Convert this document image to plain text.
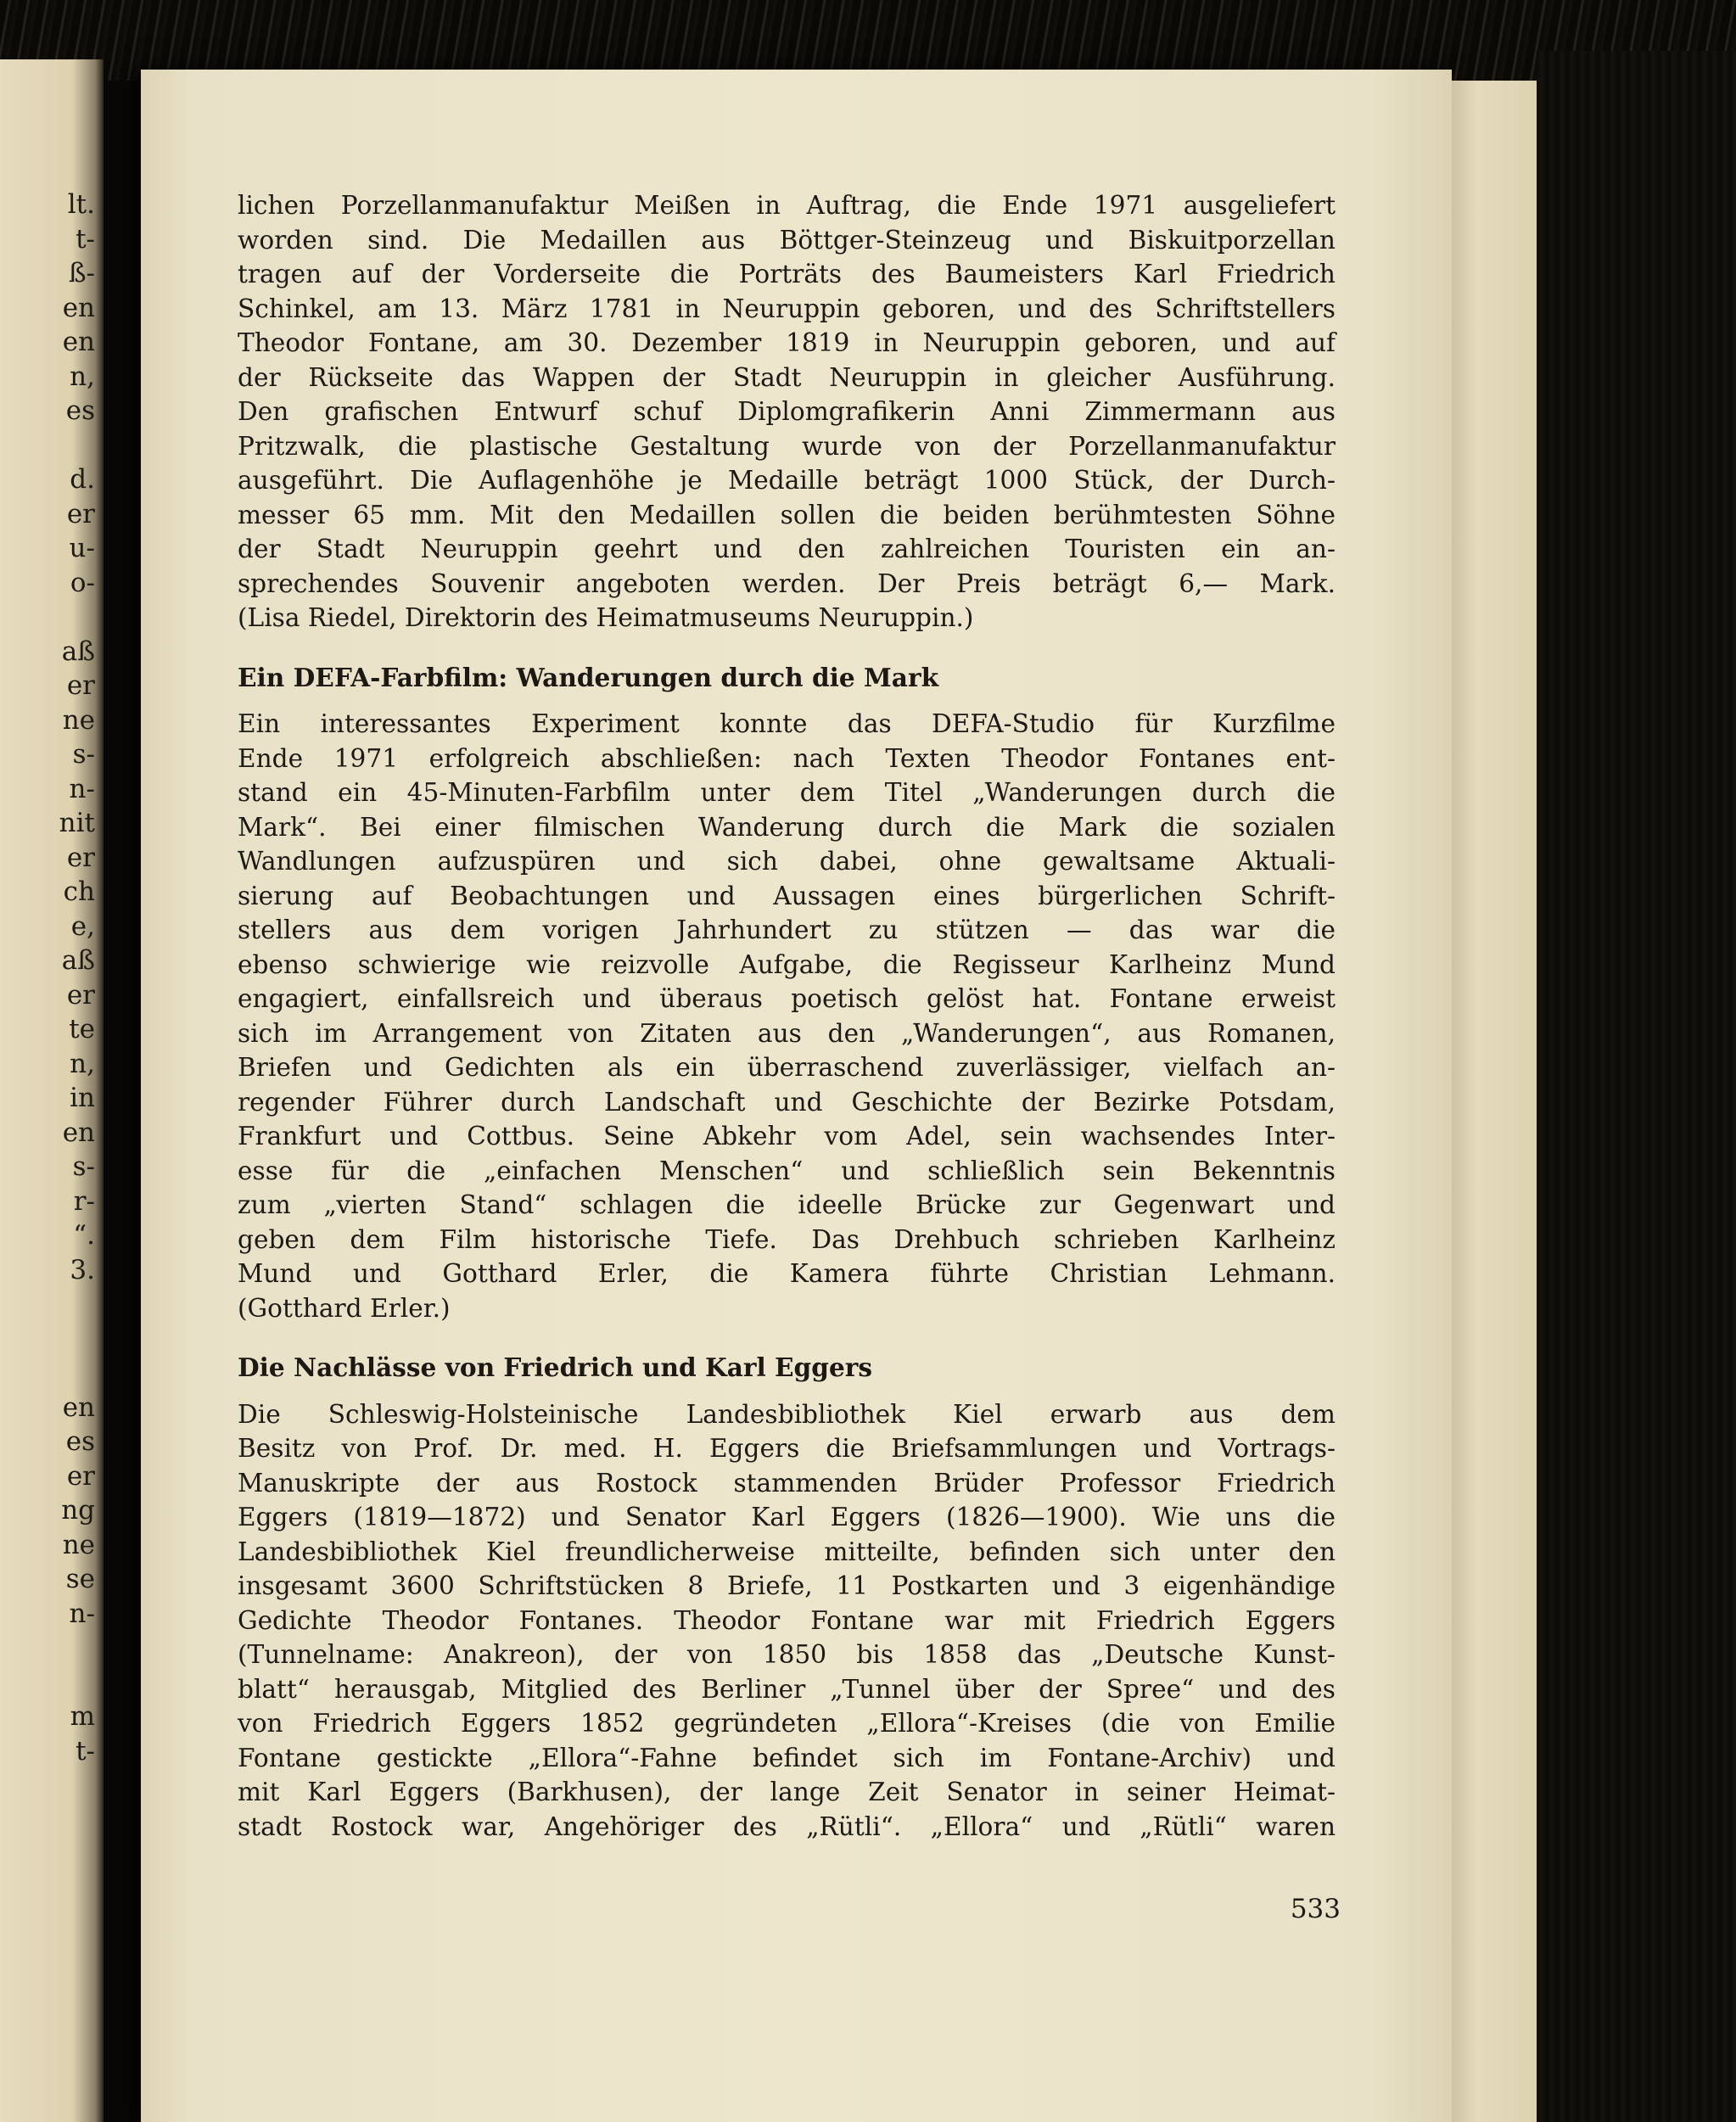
lt.
t-
ß-
en
en
n,
es
d.
er
u-
o-
aß
er
ne
s-
n-
nit
er
ch
e,
aß
er
te
n,
in
en
s-
r-
“.
3.
en
es
er
ng
ne
se
n-
m
t-
lichen Porzellanmanufaktur Meißen in Auftrag, die Ende 1971 ausgeliefert
worden sind. Die Medaillen aus Böttger-Steinzeug und Biskuitporzellan
tragen auf der Vorderseite die Porträts des Baumeisters Karl Friedrich
Schinkel, am 13. März 1781 in Neuruppin geboren, und des Schriftstellers
Theodor Fontane, am 30. Dezember 1819 in Neuruppin geboren, und auf
der Rückseite das Wappen der Stadt Neuruppin in gleicher Ausführung.
Den grafischen Entwurf schuf Diplomgrafikerin Anni Zimmermann aus
Pritzwalk, die plastische Gestaltung wurde von der Porzellanmanufaktur
ausgeführt. Die Auflagenhöhe je Medaille beträgt 1000 Stück, der Durch-
messer 65 mm. Mit den Medaillen sollen die beiden berühmtesten Söhne
der Stadt Neuruppin geehrt und den zahlreichen Touristen ein an-
sprechendes Souvenir angeboten werden. Der Preis beträgt 6,— Mark.
(Lisa Riedel, Direktorin des Heimatmuseums Neuruppin.)
Ein DEFA-Farbfilm: Wanderungen durch die Mark
Ein interessantes Experiment konnte das DEFA-Studio für Kurzfilme
Ende 1971 erfolgreich abschließen: nach Texten Theodor Fontanes ent-
stand ein 45-Minuten-Farbfilm unter dem Titel „Wanderungen durch die
Mark“. Bei einer filmischen Wanderung durch die Mark die sozialen
Wandlungen aufzuspüren und sich dabei, ohne gewaltsame Aktuali-
sierung auf Beobachtungen und Aussagen eines bürgerlichen Schrift-
stellers aus dem vorigen Jahrhundert zu stützen — das war die
ebenso schwierige wie reizvolle Aufgabe, die Regisseur Karlheinz Mund
engagiert, einfallsreich und überaus poetisch gelöst hat. Fontane erweist
sich im Arrangement von Zitaten aus den „Wanderungen“, aus Romanen,
Briefen und Gedichten als ein überraschend zuverlässiger, vielfach an-
regender Führer durch Landschaft und Geschichte der Bezirke Potsdam,
Frankfurt und Cottbus. Seine Abkehr vom Adel, sein wachsendes Inter-
esse für die „einfachen Menschen“ und schließlich sein Bekenntnis
zum „vierten Stand“ schlagen die ideelle Brücke zur Gegenwart und
geben dem Film historische Tiefe. Das Drehbuch schrieben Karlheinz
Mund und Gotthard Erler, die Kamera führte Christian Lehmann.
(Gotthard Erler.)
Die Nachlässe von Friedrich und Karl Eggers
Die Schleswig-Holsteinische Landesbibliothek Kiel erwarb aus dem
Besitz von Prof. Dr. med. H. Eggers die Briefsammlungen und Vortrags-
Manuskripte der aus Rostock stammenden Brüder Professor Friedrich
Eggers (1819—1872) und Senator Karl Eggers (1826—1900). Wie uns die
Landesbibliothek Kiel freundlicherweise mitteilte, befinden sich unter den
insgesamt 3600 Schriftstücken 8 Briefe, 11 Postkarten und 3 eigenhändige
Gedichte Theodor Fontanes. Theodor Fontane war mit Friedrich Eggers
(Tunnelname: Anakreon), der von 1850 bis 1858 das „Deutsche Kunst-
blatt“ herausgab, Mitglied des Berliner „Tunnel über der Spree“ und des
von Friedrich Eggers 1852 gegründeten „Ellora“-Kreises (die von Emilie
Fontane gestickte „Ellora“-Fahne befindet sich im Fontane-Archiv) und
mit Karl Eggers (Barkhusen), der lange Zeit Senator in seiner Heimat-
stadt Rostock war, Angehöriger des „Rütli“. „Ellora“ und „Rütli“ waren
533
